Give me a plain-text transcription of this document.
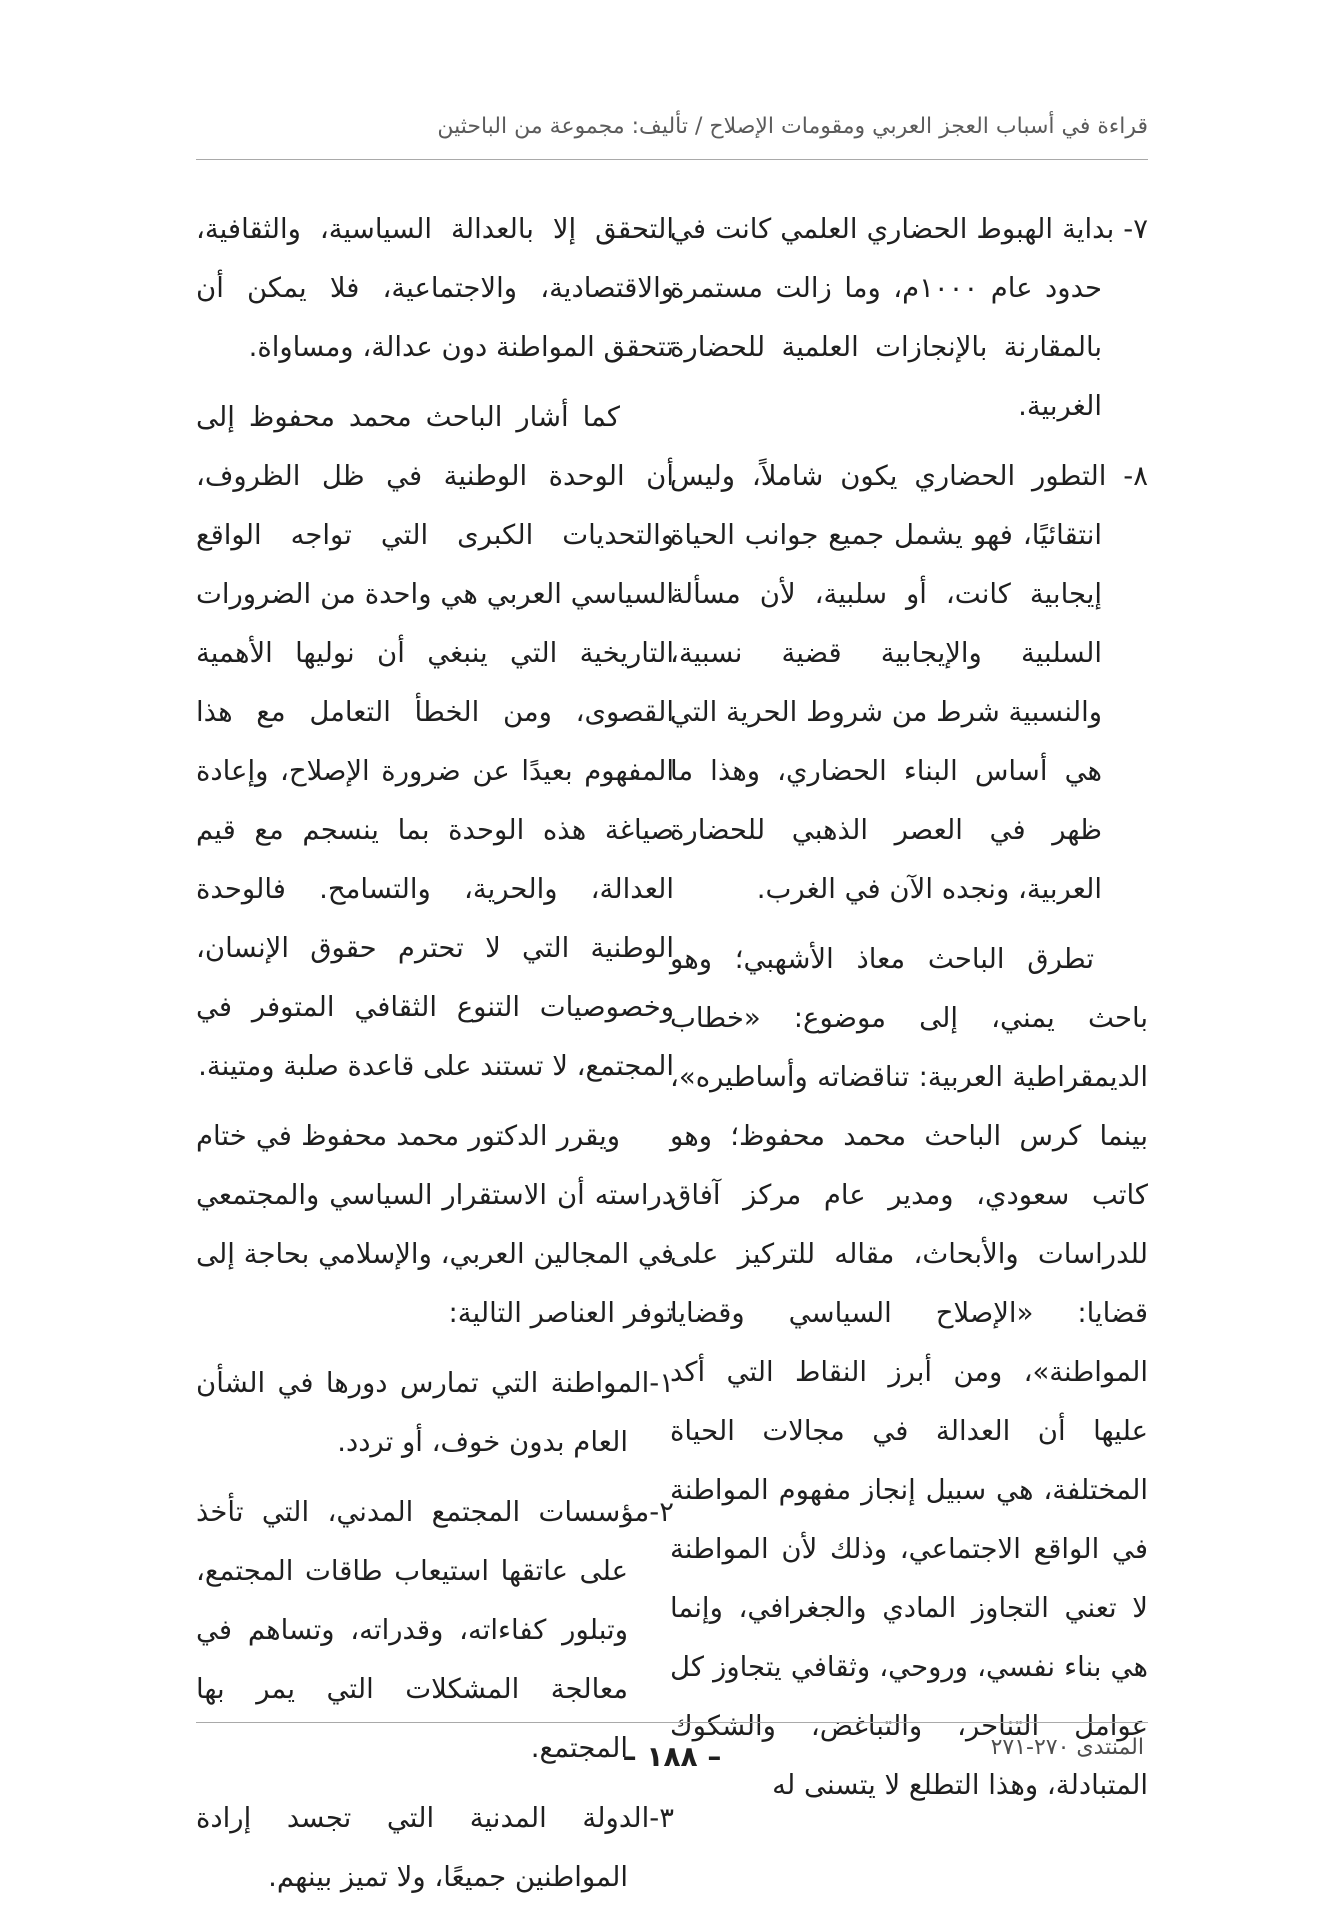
قراءة في أسباب العجز العربي ومقومات الإصلاح / تأليف: مجموعة من الباحثين

٧- بداية الهبوط الحضاري العلمي كانت في حدود عام ١٠٠٠م، وما زالت مستمرة بالمقارنة بالإنجازات العلمية للحضارة الغربية.

٨- التطور الحضاري يكون شاملاً، وليس انتقائيًا، فهو يشمل جميع جوانب الحياة إيجابية كانت، أو سلبية، لأن مسألة السلبية والإيجابية قضية نسبية، والنسبية شرط من شروط الحرية التي هي أساس البناء الحضاري، وهذا ما ظهر في العصر الذهبي للحضارة العربية، ونجده الآن في الغرب.

تطرق الباحث معاذ الأشهبي؛ وهو باحث يمني، إلى موضوع: «خطاب الديمقراطية العربية: تناقضاته وأساطيره»، بينما كرس الباحث محمد محفوظ؛ وهو كاتب سعودي، ومدير عام مركز آفاق للدراسات والأبحاث، مقاله للتركيز على قضايا: «الإصلاح السياسي وقضايا المواطنة»، ومن أبرز النقاط التي أكد عليها أن العدالة في مجالات الحياة المختلفة، هي سبيل إنجاز مفهوم المواطنة في الواقع الاجتماعي، وذلك لأن المواطنة لا تعني التجاوز المادي والجغرافي، وإنما هي بناء نفسي، وروحي، وثقافي يتجاوز كل عوامل التناحر، والتباغض، والشكوك المتبادلة، وهذا التطلع لا يتسنى له

التحقق إلا بالعدالة السياسية، والثقافية، والاقتصادية، والاجتماعية، فلا يمكن أن تتحقق المواطنة دون عدالة، ومساواة.

كما أشار الباحث محمد محفوظ إلى أن الوحدة الوطنية في ظل الظروف، والتحديات الكبرى التي تواجه الواقع السياسي العربي هي واحدة من الضرورات التاريخية التي ينبغي أن نوليها الأهمية القصوى، ومن الخطأ التعامل مع هذا المفهوم بعيدًا عن ضرورة الإصلاح، وإعادة صياغة هذه الوحدة بما ينسجم مع قيم العدالة، والحرية، والتسامح. فالوحدة الوطنية التي لا تحترم حقوق الإنسان، وخصوصيات التنوع الثقافي المتوفر في المجتمع، لا تستند على قاعدة صلبة ومتينة.

ويقرر الدكتور محمد محفوظ في ختام دراسته أن الاستقرار السياسي والمجتمعي في المجالين العربي، والإسلامي بحاجة إلى توفر العناصر التالية:

١-المواطنة التي تمارس دورها في الشأن العام بدون خوف، أو تردد.

٢-مؤسسات المجتمع المدني، التي تأخذ على عاتقها استيعاب طاقات المجتمع، وتبلور كفاءاته، وقدراته، وتساهم في معالجة المشكلات التي يمر بها المجتمع.

٣-الدولة المدنية التي تجسد إرادة المواطنين جميعًا، ولا تميز بينهم.

المنتدى ٢٧٠-٢٧١
– ١٨٨ –
